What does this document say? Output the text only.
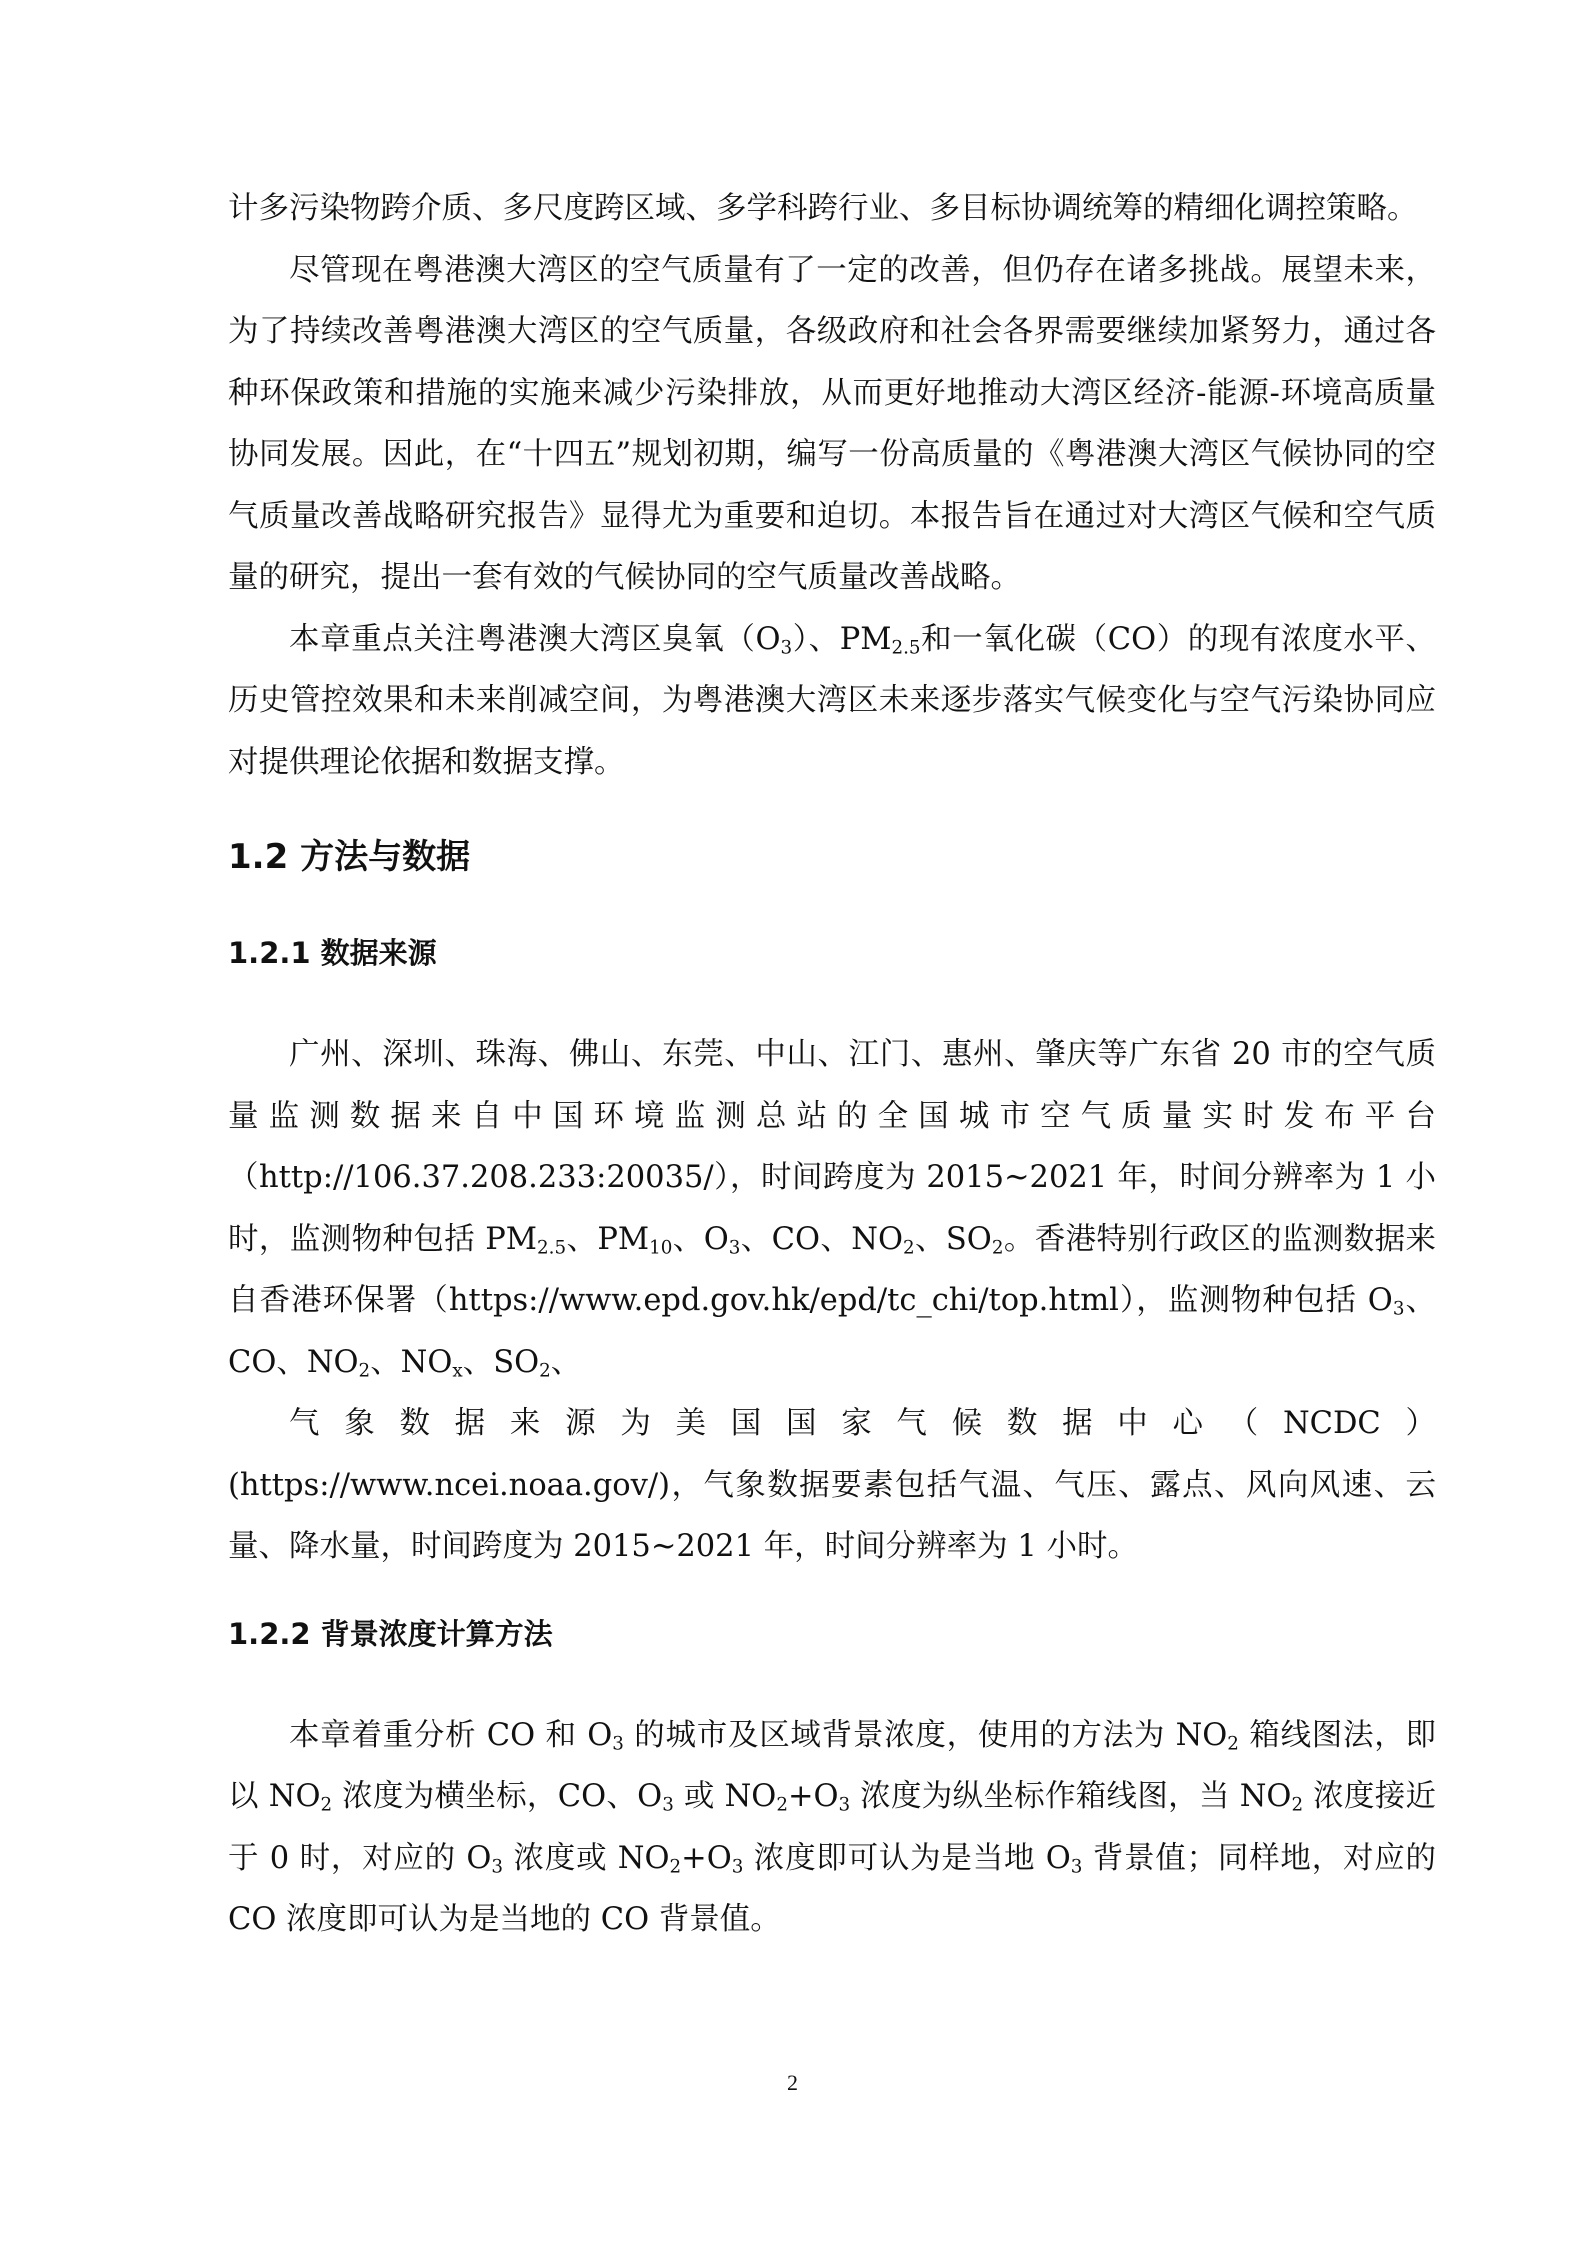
计多污染物跨介质、多尺度跨区域、多学科跨行业、多目标协调统筹的精细化调控策略。

尽管现在粤港澳大湾区的空气质量有了一定的改善，但仍存在诸多挑战。展望未来，为了持续改善粤港澳大湾区的空气质量，各级政府和社会各界需要继续加紧努力，通过各种环保政策和措施的实施来减少污染排放，从而更好地推动大湾区经济-能源-环境高质量协同发展。因此，在“十四五”规划初期，编写一份高质量的《粤港澳大湾区气候协同的空气质量改善战略研究报告》显得尤为重要和迫切。本报告旨在通过对大湾区气候和空气质量的研究，提出一套有效的气候协同的空气质量改善战略。

本章重点关注粤港澳大湾区臭氧$(O_3)$、$PM_{2.5}$和一氧化碳（CO）的现有浓度水平、历史管控效果和未来削减空间，为粤港澳大湾区未来逐步落实气候变化与空气污染协同应对提供理论依据和数据支撑。

1.2 方法与数据
1.2.1 数据来源

广州、深圳、珠海、佛山、东莞、中山、江门、惠州、肇庆等广东省 20 市的空气质量监测数据来自中国环境监测总站的全国城市空气质量实时发布平台（http://106.37.208.233:20035/），时间跨度为 2015~2021 年，时间分辨率为 1 小时，监测物种包括 $PM_{2.5}$、$PM_{10}$、$O_3$、CO、$NO_2$、$SO_2$。香港特别行政区的监测数据来自香港环保署（https://www.epd.gov.hk/epd/tc_chi/top.html），监测物种包括 $O_3$、CO、$NO_2$、$NO_x$、$SO_2$、

气象数据来源为美国国家气候数据中心（NCDC）(https://www.ncei.noaa.gov/)，气象数据要素包括气温、气压、露点、风向风速、云量、降水量，时间跨度为 2015~2021 年，时间分辨率为 1 小时。

1.2.2 背景浓度计算方法

本章着重分析 CO 和 $O_3$ 的城市及区域背景浓度，使用的方法为 $NO_2$ 箱线图法，即以 $NO_2$ 浓度为横坐标，CO、$O_3$ 或 $NO_2+O_3$ 浓度为纵坐标作箱线图，当 $NO_2$ 浓度接近于 0 时，对应的 $O_3$ 浓度或 $NO_2+O_3$ 浓度即可认为是当地 $O_3$ 背景值；同样地，对应的 CO 浓度即可认为是当地的 CO 背景值。

2
